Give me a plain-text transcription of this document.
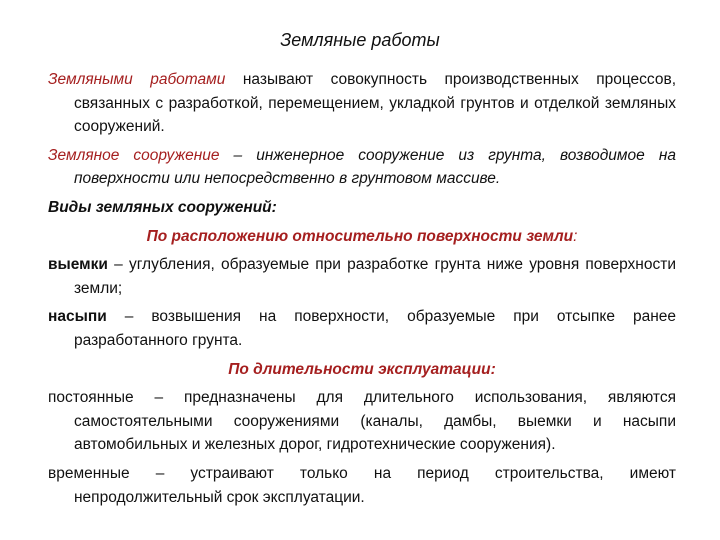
Земляные работы

Земляными работами называют совокупность производственных процессов, связанных с разработкой, перемещением, укладкой грунтов и отделкой земляных сооружений.

Земляное сооружение – инженерное сооружение из грунта, возводимое на поверхности или непосредственно в грунтовом массиве.

Виды земляных сооружений:

По расположению относительно поверхности земли:

выемки – углубления, образуемые при разработке грунта ниже уровня поверхности земли;

насыпи – возвышения на поверхности, образуемые при отсыпке ранее разработанного грунта.

По длительности эксплуатации:

постоянные – предназначены для длительного использования, являются самостоятельными сооружениями (каналы, дамбы, выемки и насыпи автомобильных и железных дорог, гидротехнические сооружения).

временные – устраивают только на период строительства, имеют непродолжительный срок эксплуатации.
